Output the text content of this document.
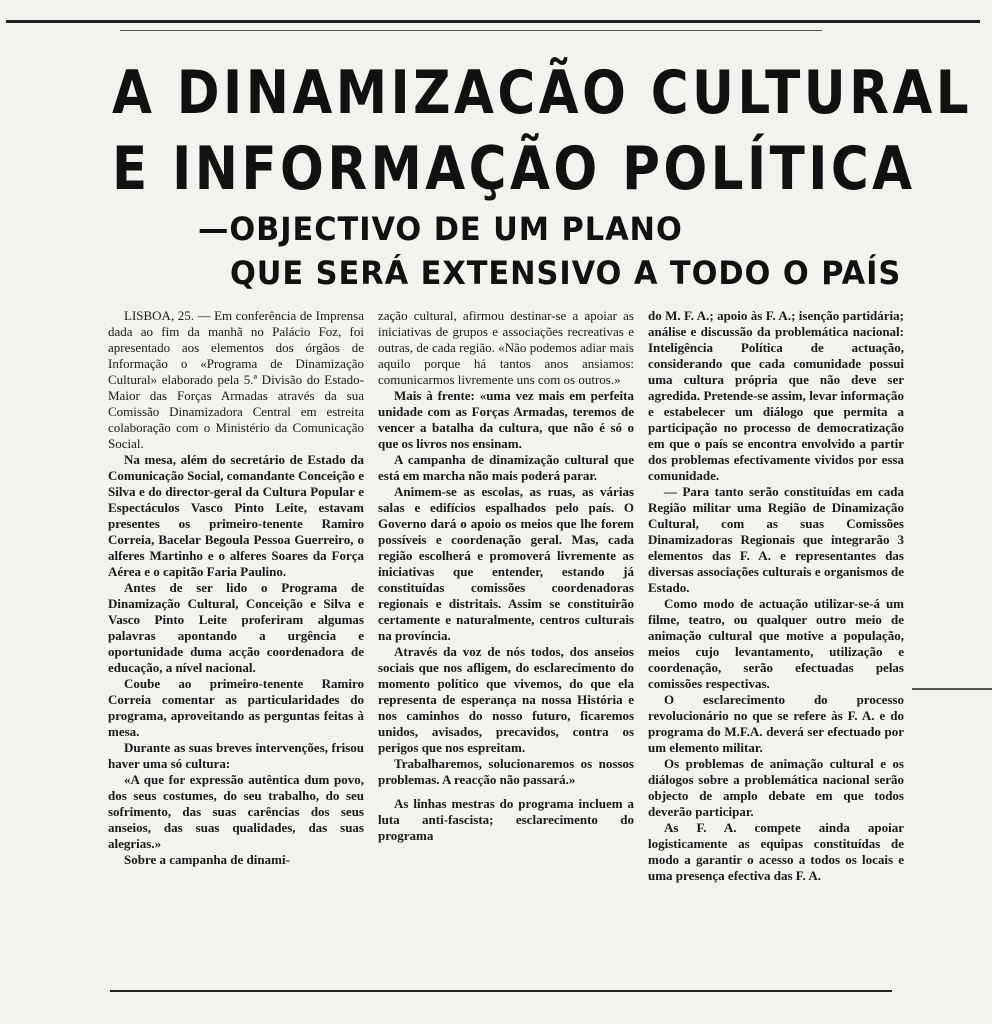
A DINAMIZACÃO CULTURAL
E INFORMAÇÃO POLÍTICA
—OBJECTIVO DE UM PLANO
QUE SERÁ EXTENSIVO A TODO O PAÍS

LISBOA, 25. — Em conferência de Imprensa dada ao fim da manhã no Palácio Foz, foi apresentado aos elementos dos órgãos de Informação o «Programa de Dinamização Cultural» elaborado pela 5.ª Divisão do Estado-Maior das Forças Armadas através da sua Comissão Dinamizadora Central em estreita colaboração com o Ministério da Comunicação Social.

Na mesa, além do secretário de Estado da Comunicação Social, comandante Conceição e Silva e do director-geral da Cultura Popular e Espectáculos Vasco Pinto Leite, estavam presentes os primeiro-tenente Ramiro Correia, Bacelar Begoula Pessoa Guerreiro, o alferes Martinho e o alferes Soares da Força Aérea e o capitão Faria Paulino.

Antes de ser lido o Programa de Dinamização Cultural, Conceição e Silva e Vasco Pinto Leite proferiram algumas palavras apontando a urgência e oportunidade duma acção coordenadora de educação, a nível nacional.

Coube ao primeiro-tenente Ramiro Correia comentar as particularidades do programa, aproveitando as perguntas feitas à mesa.

Durante as suas breves intervenções, frisou haver uma só cultura:

«A que for expressão autêntica dum povo, dos seus costumes, do seu trabalho, do seu sofrimento, das suas carências dos seus anseios, das suas qualidades, das suas alegrias.»

Sobre a campanha de dinami-

zação cultural, afirmou destinar-se a apoiar as iniciativas de grupos e associações recreativas e outras, de cada região. «Não podemos adiar mais aquilo porque há tantos anos ansiamos: comunicarmos livremente uns com os outros.»

Mais à frente: «uma vez mais em perfeita unidade com as Forças Armadas, teremos de vencer a batalha da cultura, que não é só o que os livros nos ensinam.

A campanha de dinamização cultural que está em marcha não mais poderá parar.

Animem-se as escolas, as ruas, as várias salas e edifícios espalhados pelo país. O Governo dará o apoio os meios que lhe forem possíveis e coordenação geral. Mas, cada região escolherá e promoverá livremente as iniciativas que entender, estando já constituídas comissões coordenadoras regionais e distritais. Assim se constituirão certamente e naturalmente, centros culturais na província.

Através da voz de nós todos, dos anseios sociais que nos afligem, do esclarecimento do momento político que vivemos, do que ela representa de esperança na nossa História e nos caminhos do nosso futuro, ficaremos unidos, avisados, precavidos, contra os perigos que nos espreitam.

Trabalharemos, solucionaremos os nossos problemas. A reacção não passará.»

As linhas mestras do programa incluem a luta anti-fascista; esclarecimento do programa

do M. F. A.; apoio às F. A.; isenção partidária; análise e discussão da problemática nacional: Inteligência Política de actuação, considerando que cada comunidade possui uma cultura própria que não deve ser agredida. Pretende-se assim, levar informação e estabelecer um diálogo que permita a participação no processo de democratização em que o país se encontra envolvido a partir dos problemas efectivamente vividos por essa comunidade.

— Para tanto serão constituídas em cada Região militar uma Região de Dinamização Cultural, com as suas Comissões Dinamizadoras Regionais que integrarão 3 elementos das F. A. e representantes das diversas associações culturais e organismos de Estado.

Como modo de actuação utilizar-se-á um filme, teatro, ou qualquer outro meio de animação cultural que motive a população, meios cujo levantamento, utilização e coordenação, serão efectuadas pelas comissões respectivas.

O esclarecimento do processo revolucionário no que se refere às F. A. e do programa do M.F.A. deverá ser efectuado por um elemento militar.

Os problemas de animação cultural e os diálogos sobre a problemática nacional serão objecto de amplo debate em que todos deverão participar.

As F. A. compete ainda apoiar logisticamente as equipas constituídas de modo a garantir o acesso a todos os locais e uma presença efectiva das F. A.
